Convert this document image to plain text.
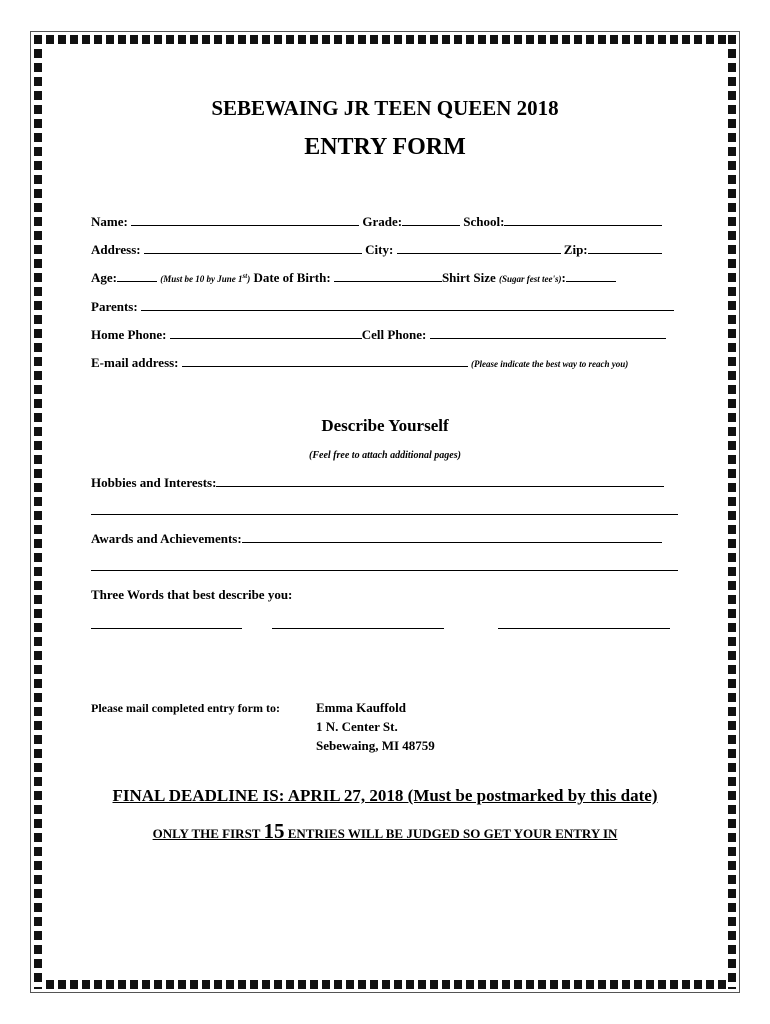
SEBEWAING JR TEEN QUEEN 2018
ENTRY FORM
Name:	Grade:	School:
Address:	City:	Zip:
Age:	(Must be 10 by June 1st) Date of Birth:	Shirt Size (Sugar fest tee's):
Parents:
Home Phone:	Cell Phone:
E-mail address:	(Please indicate the best way to reach you)
Describe Yourself
(Feel free to attach additional pages)
Hobbies and Interests:
Awards and Achievements:
Three Words that best describe you:
Please mail completed entry form to:	Emma Kauffold
1 N. Center St.
Sebewaing, MI 48759
FINAL DEADLINE IS: APRIL 27, 2018 (Must be postmarked by this date)
ONLY THE FIRST 15 ENTRIES WILL BE JUDGED SO GET YOUR ENTRY IN
